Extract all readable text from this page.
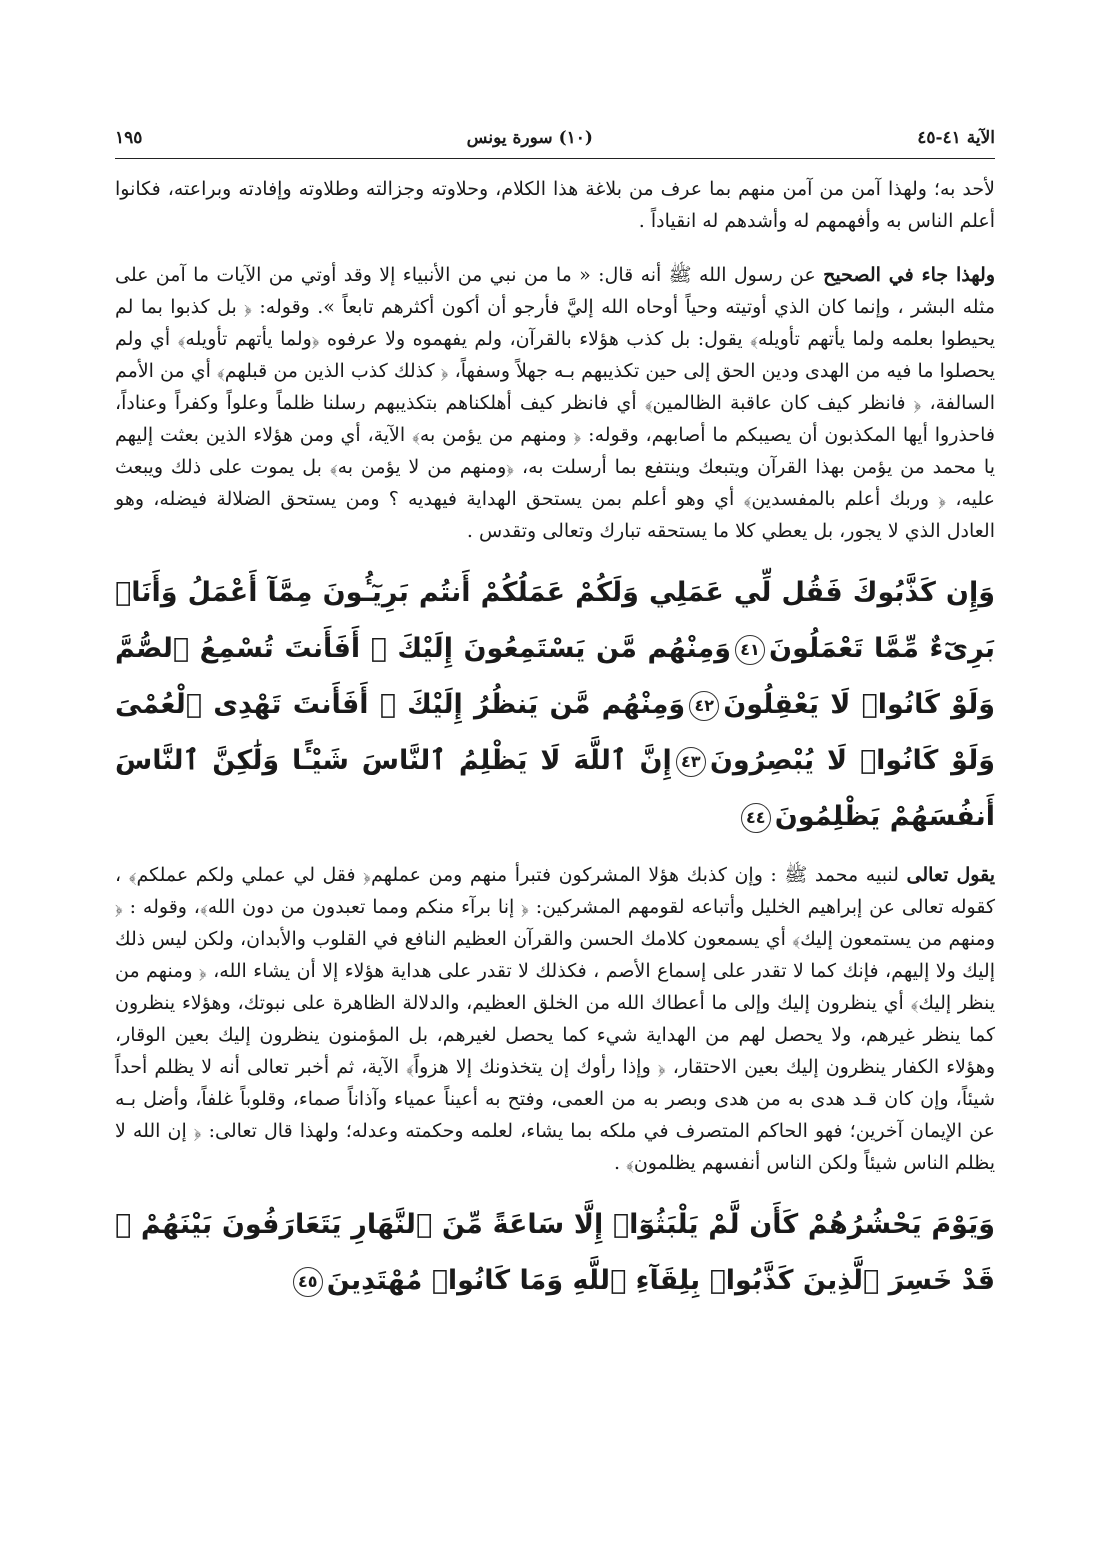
الآية ٤١-٤٥
(١٠) سورة يونس
١٩٥

لأحد به؛ ولهذا آمن من آمن منهم بما عرف من بلاغة هذا الكلام، وحلاوته وجزالته وطلاوته وإفادته وبراعته، فكانوا أعلم الناس به وأفهمهم له وأشدهم له انقياداً .

ولهذا جاء في الصحيح عن رسول الله ﷺ أنه قال: « ما من نبي من الأنبياء إلا وقد أوتي من الآيات ما آمن على مثله البشر ، وإنما كان الذي أوتيته وحياً أوحاه الله إليَّ فأرجو أن أكون أكثرهم تابعاً ». وقوله: ﴿ بل كذبوا بما لم يحيطوا بعلمه ولما يأتهم تأويله﴾ يقول: بل كذب هؤلاء بالقرآن، ولم يفهموه ولا عرفوه ﴿ولما يأتهم تأويله﴾ أي ولم يحصلوا ما فيه من الهدى ودين الحق إلى حين تكذيبهم بـه جهلاً وسفهاً، ﴿ كذلك كذب الذين من قبلهم﴾ أي من الأمم السالفة، ﴿ فانظر كيف كان عاقبة الظالمين﴾ أي فانظر كيف أهلكناهم بتكذيبهم رسلنا ظلماً وعلواً وكفراً وعناداً، فاحذروا أيها المكذبون أن يصيبكم ما أصابهم، وقوله: ﴿ ومنهم من يؤمن به﴾ الآية، أي ومن هؤلاء الذين بعثت إليهم يا محمد من يؤمن بهذا القرآن ويتبعك وينتفع بما أرسلت به، ﴿ومنهم من لا يؤمن به﴾ بل يموت على ذلك ويبعث عليه، ﴿ وربك أعلم بالمفسدين﴾ أي وهو أعلم بمن يستحق الهداية فيهديه ؟ ومن يستحق الضلالة فيضله، وهو العادل الذي لا يجور، بل يعطي كلا ما يستحقه تبارك وتعالى وتقدس .

وَإِن كَذَّبُوكَ فَقُل لِّي عَمَلِي وَلَكُمْ عَمَلُكُمْ أَنتُم بَرِيٓـُٔونَ مِمَّآ أَعْمَلُ وَأَنَا۠ بَرِىٓءٌ مِّمَّا تَعْمَلُونَ٤١وَمِنْهُم مَّن يَسْتَمِعُونَ إِلَيْكَ ۚ أَفَأَنتَ تُسْمِعُ ٱلصُّمَّ وَلَوْ كَانُوا۟ لَا يَعْقِلُونَ٤٢وَمِنْهُم مَّن يَنظُرُ إِلَيْكَ ۚ أَفَأَنتَ تَهْدِى ٱلْعُمْىَ وَلَوْ كَانُوا۟ لَا يُبْصِرُونَ٤٣إِنَّ ٱللَّهَ لَا يَظْلِمُ ٱلنَّاسَ شَيْـًٔا وَلَٰكِنَّ ٱلنَّاسَ أَنفُسَهُمْ يَظْلِمُونَ٤٤

يقول تعالى لنبيه محمد ﷺ : وإن كذبك هؤلا المشركون فتبرأ منهم ومن عملهم﴿ فقل لي عملي ولكم عملكم﴾ ، كقوله تعالى عن إبراهيم الخليل وأتباعه لقومهم المشركين: ﴿ إنا برآء منكم ومما تعبدون من دون الله﴾، وقوله : ﴿ ومنهم من يستمعون إليك﴾ أي يسمعون كلامك الحسن والقرآن العظيم النافع في القلوب والأبدان، ولكن ليس ذلك إليك ولا إليهم، فإنك كما لا تقدر على إسماع الأصم ، فكذلك لا تقدر على هداية هؤلاء إلا أن يشاء الله، ﴿ ومنهم من ينظر إليك﴾ أي ينظرون إليك وإلى ما أعطاك الله من الخلق العظيم، والدلالة الظاهرة على نبوتك، وهؤلاء ينظرون كما ينظر غيرهم، ولا يحصل لهم من الهداية شيء كما يحصل لغيرهم، بل المؤمنون ينظرون إليك بعين الوقار، وهؤلاء الكفار ينظرون إليك بعين الاحتقار، ﴿ وإذا رأوك إن يتخذونك إلا هزواً﴾ الآية، ثم أخبر تعالى أنه لا يظلم أحداً شيئاً، وإن كان قـد هدى به من هدى وبصر به من العمى، وفتح به أعيناً عمياء وآذاناً صماء، وقلوباً غلفاً، وأضل بـه عن الإيمان آخرين؛ فهو الحاكم المتصرف في ملكه بما يشاء، لعلمه وحكمته وعدله؛ ولهذا قال تعالى: ﴿ إن الله لا يظلم الناس شيئاً ولكن الناس أنفسهم يظلمون﴾ .

وَيَوْمَ يَحْشُرُهُمْ كَأَن لَّمْ يَلْبَثُوٓا۟ إِلَّا سَاعَةً مِّنَ ٱلنَّهَارِ يَتَعَارَفُونَ بَيْنَهُمْ ۚ قَدْ خَسِرَ ٱلَّذِينَ كَذَّبُوا۟ بِلِقَآءِ ٱللَّهِ وَمَا كَانُوا۟ مُهْتَدِينَ٤٥
